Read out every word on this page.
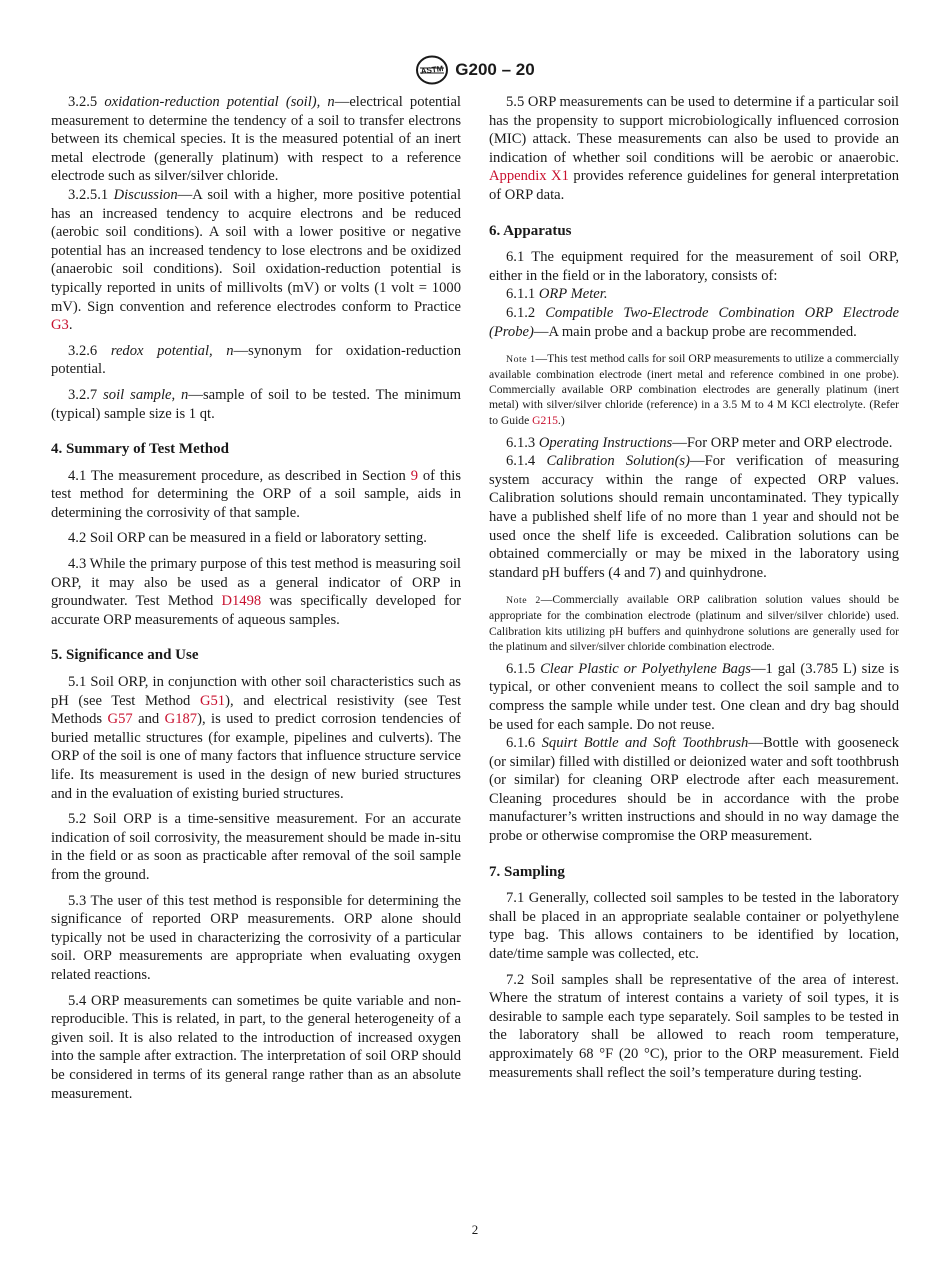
ASTM G200 – 20

3.2.5 oxidation-reduction potential (soil), n—electrical potential measurement to determine the tendency of a soil to transfer electrons between its chemical species. It is the measured potential of an inert metal electrode (generally platinum) with respect to a reference electrode such as silver/silver chloride.

3.2.5.1 Discussion—A soil with a higher, more positive potential has an increased tendency to acquire electrons and be reduced (aerobic soil conditions). A soil with a lower positive or negative potential has an increased tendency to lose electrons and be oxidized (anaerobic soil conditions). Soil oxidation-reduction potential is typically reported in units of millivolts (mV) or volts (1 volt = 1000 mV). Sign convention and reference electrodes conform to Practice G3.

3.2.6 redox potential, n—synonym for oxidation-reduction potential.

3.2.7 soil sample, n—sample of soil to be tested. The minimum (typical) sample size is 1 qt.

4. Summary of Test Method

4.1 The measurement procedure, as described in Section 9 of this test method for determining the ORP of a soil sample, aids in determining the corrosivity of that sample.

4.2 Soil ORP can be measured in a field or laboratory setting.

4.3 While the primary purpose of this test method is measuring soil ORP, it may also be used as a general indicator of ORP in groundwater. Test Method D1498 was specifically developed for accurate ORP measurements of aqueous samples.

5. Significance and Use

5.1 Soil ORP, in conjunction with other soil characteristics such as pH (see Test Method G51), and electrical resistivity (see Test Methods G57 and G187), is used to predict corrosion tendencies of buried metallic structures (for example, pipelines and culverts). The ORP of the soil is one of many factors that influence structure service life. Its measurement is used in the design of new buried structures and in the evaluation of existing buried structures.

5.2 Soil ORP is a time-sensitive measurement. For an accurate indication of soil corrosivity, the measurement should be made in-situ in the field or as soon as practicable after removal of the soil sample from the ground.

5.3 The user of this test method is responsible for determining the significance of reported ORP measurements. ORP alone should typically not be used in characterizing the corrosivity of a particular soil. ORP measurements are appropriate when evaluating oxygen related reactions.

5.4 ORP measurements can sometimes be quite variable and non-reproducible. This is related, in part, to the general heterogeneity of a given soil. It is also related to the introduction of increased oxygen into the sample after extraction. The interpretation of soil ORP should be considered in terms of its general range rather than as an absolute measurement.

5.5 ORP measurements can be used to determine if a particular soil has the propensity to support microbiologically influenced corrosion (MIC) attack. These measurements can also be used to provide an indication of whether soil conditions will be aerobic or anaerobic. Appendix X1 provides reference guidelines for general interpretation of ORP data.

6. Apparatus

6.1 The equipment required for the measurement of soil ORP, either in the field or in the laboratory, consists of:

6.1.1 ORP Meter.

6.1.2 Compatible Two-Electrode Combination ORP Electrode (Probe)—A main probe and a backup probe are recommended.

Note 1—This test method calls for soil ORP measurements to utilize a commercially available combination electrode (inert metal and reference combined in one probe). Commercially available ORP combination electrodes are generally platinum (inert metal) with silver/silver chloride (reference) in a 3.5 M to 4 M KCl electrolyte. (Refer to Guide G215.)

6.1.3 Operating Instructions—For ORP meter and ORP electrode.

6.1.4 Calibration Solution(s)—For verification of measuring system accuracy within the range of expected ORP values. Calibration solutions should remain uncontaminated. They typically have a published shelf life of no more than 1 year and should not be used once the shelf life is exceeded. Calibration solutions can be obtained commercially or may be mixed in the laboratory using standard pH buffers (4 and 7) and quinhydrone.

Note 2—Commercially available ORP calibration solution values should be appropriate for the combination electrode (platinum and silver/silver chloride) used. Calibration kits utilizing pH buffers and quinhydrone solutions are generally used for the platinum and silver/silver chloride combination electrode.

6.1.5 Clear Plastic or Polyethylene Bags—1 gal (3.785 L) size is typical, or other convenient means to collect the soil sample and to compress the sample while under test. One clean and dry bag should be used for each sample. Do not reuse.

6.1.6 Squirt Bottle and Soft Toothbrush—Bottle with gooseneck (or similar) filled with distilled or deionized water and soft toothbrush (or similar) for cleaning ORP electrode after each measurement. Cleaning procedures should be in accordance with the probe manufacturer’s written instructions and should in no way damage the probe or otherwise compromise the ORP measurement.

7. Sampling

7.1 Generally, collected soil samples to be tested in the laboratory shall be placed in an appropriate sealable container or polyethylene type bag. This allows containers to be identified by location, date/time sample was collected, etc.

7.2 Soil samples shall be representative of the area of interest. Where the stratum of interest contains a variety of soil types, it is desirable to sample each type separately. Soil samples to be tested in the laboratory shall be allowed to reach room temperature, approximately 68 °F (20 °C), prior to the ORP measurement. Field measurements shall reflect the soil’s temperature during testing.

2
